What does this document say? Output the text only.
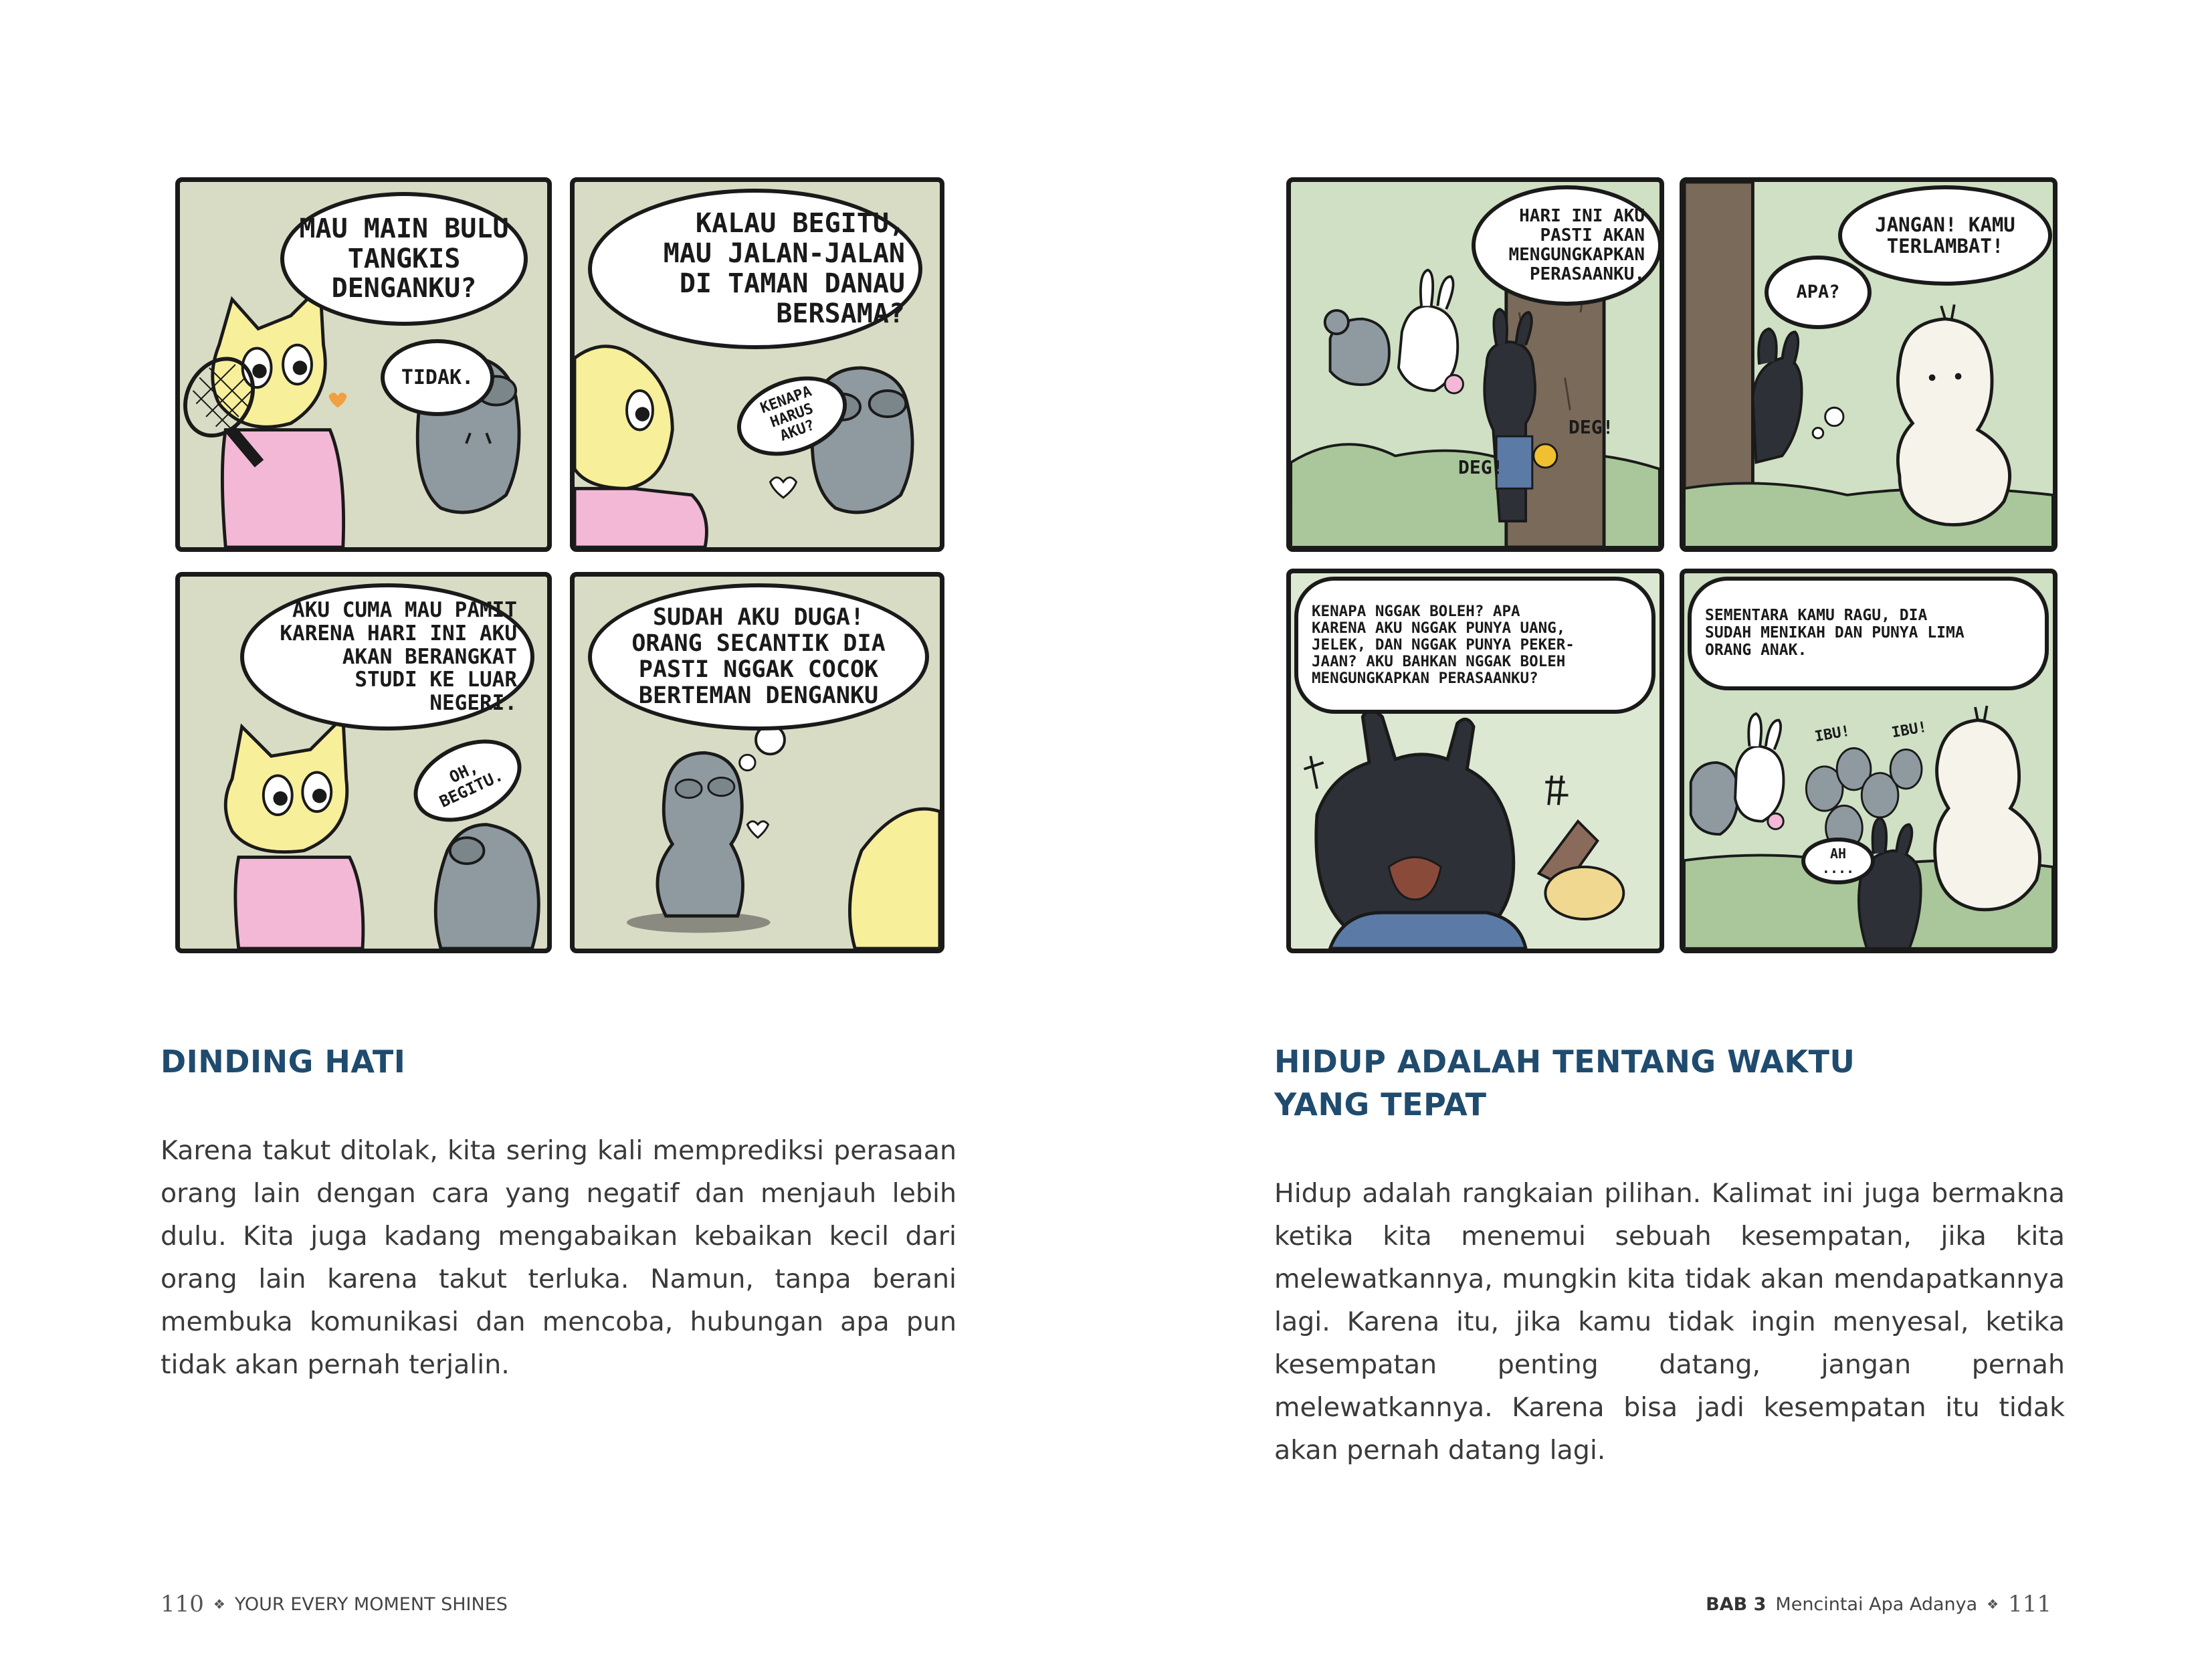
MAU MAIN BULU
TANGKIS
DENGANKU?
TIDAK.
KALAU BEGITU,
MAU JALAN-JALAN
DI TAMAN DANAU
BERSAMA?
KENAPA
HARUS AKU?
AKU CUMA MAU PAMIT
KARENA HARI INI AKU
AKAN BERANGKAT
STUDI KE LUAR NEGERI.
OH, BEGITU.
SUDAH AKU DUGA!
ORANG SECANTIK DIA
PASTI NGGAK COCOK
BERTEMAN DENGANKU
DINDING HATI
Karena takut ditolak, kita sering kali memprediksi perasaan orang lain dengan cara yang negatif dan menjauh lebih dulu. Kita juga kadang mengabaikan kebaikan kecil dari orang lain karena takut terluka. Namun, tanpa berani membuka komunikasi dan mencoba, hubungan apa pun tidak akan pernah terjalin.
110 ❖ YOUR EVERY MOMENT SHINES
HARI INI AKU
PASTI AKAN
MENGUNGKAPKAN
PERASAANKU.
DEG!
DEG!
JANGAN! KAMU
TERLAMBAT!
APA?
KENAPA NGGAK BOLEH? APA
KARENA AKU NGGAK PUNYA UANG,
JELEK, DAN NGGAK PUNYA PEKER-
JAAN? AKU BAHKAN NGGAK BOLEH
MENGUNGKAPKAN PERASAANKU?
SEMENTARA KAMU RAGU, DIA
SUDAH MENIKAH DAN PUNYA LIMA
ORANG ANAK.
IBU!	IBU!
AH ....
HIDUP ADALAH TENTANG WAKTU
YANG TEPAT
Hidup adalah rangkaian pilihan. Kalimat ini juga bermakna ketika kita menemui sebuah kesempatan, jika kita melewatkannya, mungkin kita tidak akan mendapatkannya lagi. Karena itu, jika kamu tidak ingin menyesal, ketika kesempatan penting datang, jangan pernah melewatkannya. Karena bisa jadi kesempatan itu tidak akan pernah datang lagi.
BAB 3 Mencintai Apa Adanya ❖ 111
